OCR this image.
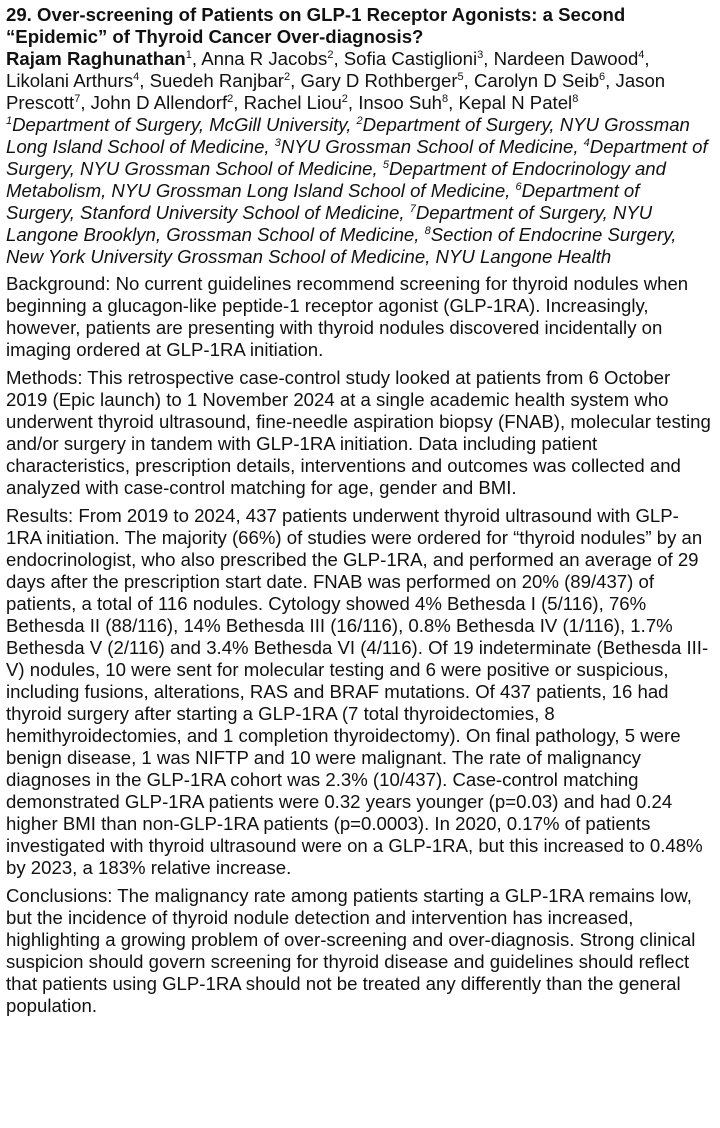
29. Over-screening of Patients on GLP-1 Receptor Agonists: a Second “Epidemic” of Thyroid Cancer Over-diagnosis?

Rajam Raghunathan$^1$, Anna R Jacobs$^2$, Sofia Castiglioni$^3$, Nardeen Dawood$^4$, Likolani Arthurs$^4$, Suedeh Ranjbar$^2$, Gary D Rothberger$^5$, Carolyn D Seib$^6$, Jason Prescott$^7$, John D Allendorf$^2$, Rachel Liou$^2$, Insoo Suh$^8$, Kepal N Patel$^8$

$^1$Department of Surgery, McGill University, $^2$Department of Surgery, NYU Grossman Long Island School of Medicine, $^3$NYU Grossman School of Medicine, $^4$Department of Surgery, NYU Grossman School of Medicine, $^5$Department of Endocrinology and Metabolism, NYU Grossman Long Island School of Medicine, $^6$Department of Surgery, Stanford University School of Medicine, $^7$Department of Surgery, NYU Langone Brooklyn, Grossman School of Medicine, $^8$Section of Endocrine Surgery, New York University Grossman School of Medicine, NYU Langone Health

Background: No current guidelines recommend screening for thyroid nodules when beginning a glucagon-like peptide-1 receptor agonist (GLP-1RA). Increasingly, however, patients are presenting with thyroid nodules discovered incidentally on imaging ordered at GLP-1RA initiation.

Methods: This retrospective case-control study looked at patients from 6 October 2019 (Epic launch) to 1 November 2024 at a single academic health system who underwent thyroid ultrasound, fine-needle aspiration biopsy (FNAB), molecular testing and/or surgery in tandem with GLP-1RA initiation. Data including patient characteristics, prescription details, interventions and outcomes was collected and analyzed with case-control matching for age, gender and BMI.

Results: From 2019 to 2024, 437 patients underwent thyroid ultrasound with GLP-1RA initiation. The majority (66%) of studies were ordered for “thyroid nodules” by an endocrinologist, who also prescribed the GLP-1RA, and performed an average of 29 days after the prescription start date. FNAB was performed on 20% (89/437) of patients, a total of 116 nodules. Cytology showed 4% Bethesda I (5/116), 76% Bethesda II (88/116), 14% Bethesda III (16/116), 0.8% Bethesda IV (1/116), 1.7% Bethesda V (2/116) and 3.4% Bethesda VI (4/116). Of 19 indeterminate (Bethesda III-V) nodules, 10 were sent for molecular testing and 6 were positive or suspicious, including fusions, alterations, RAS and BRAF mutations. Of 437 patients, 16 had thyroid surgery after starting a GLP-1RA (7 total thyroidectomies, 8 hemithyroidectomies, and 1 completion thyroidectomy). On final pathology, 5 were benign disease, 1 was NIFTP and 10 were malignant. The rate of malignancy diagnoses in the GLP-1RA cohort was 2.3% (10/437). Case-control matching demonstrated GLP-1RA patients were 0.32 years younger (p=0.03) and had 0.24 higher BMI than non-GLP-1RA patients (p=0.0003). In 2020, 0.17% of patients investigated with thyroid ultrasound were on a GLP-1RA, but this increased to 0.48% by 2023, a 183% relative increase.

Conclusions: The malignancy rate among patients starting a GLP-1RA remains low, but the incidence of thyroid nodule detection and intervention has increased, highlighting a growing problem of over-screening and over-diagnosis. Strong clinical suspicion should govern screening for thyroid disease and guidelines should reflect that patients using GLP-1RA should not be treated any differently than the general population.
